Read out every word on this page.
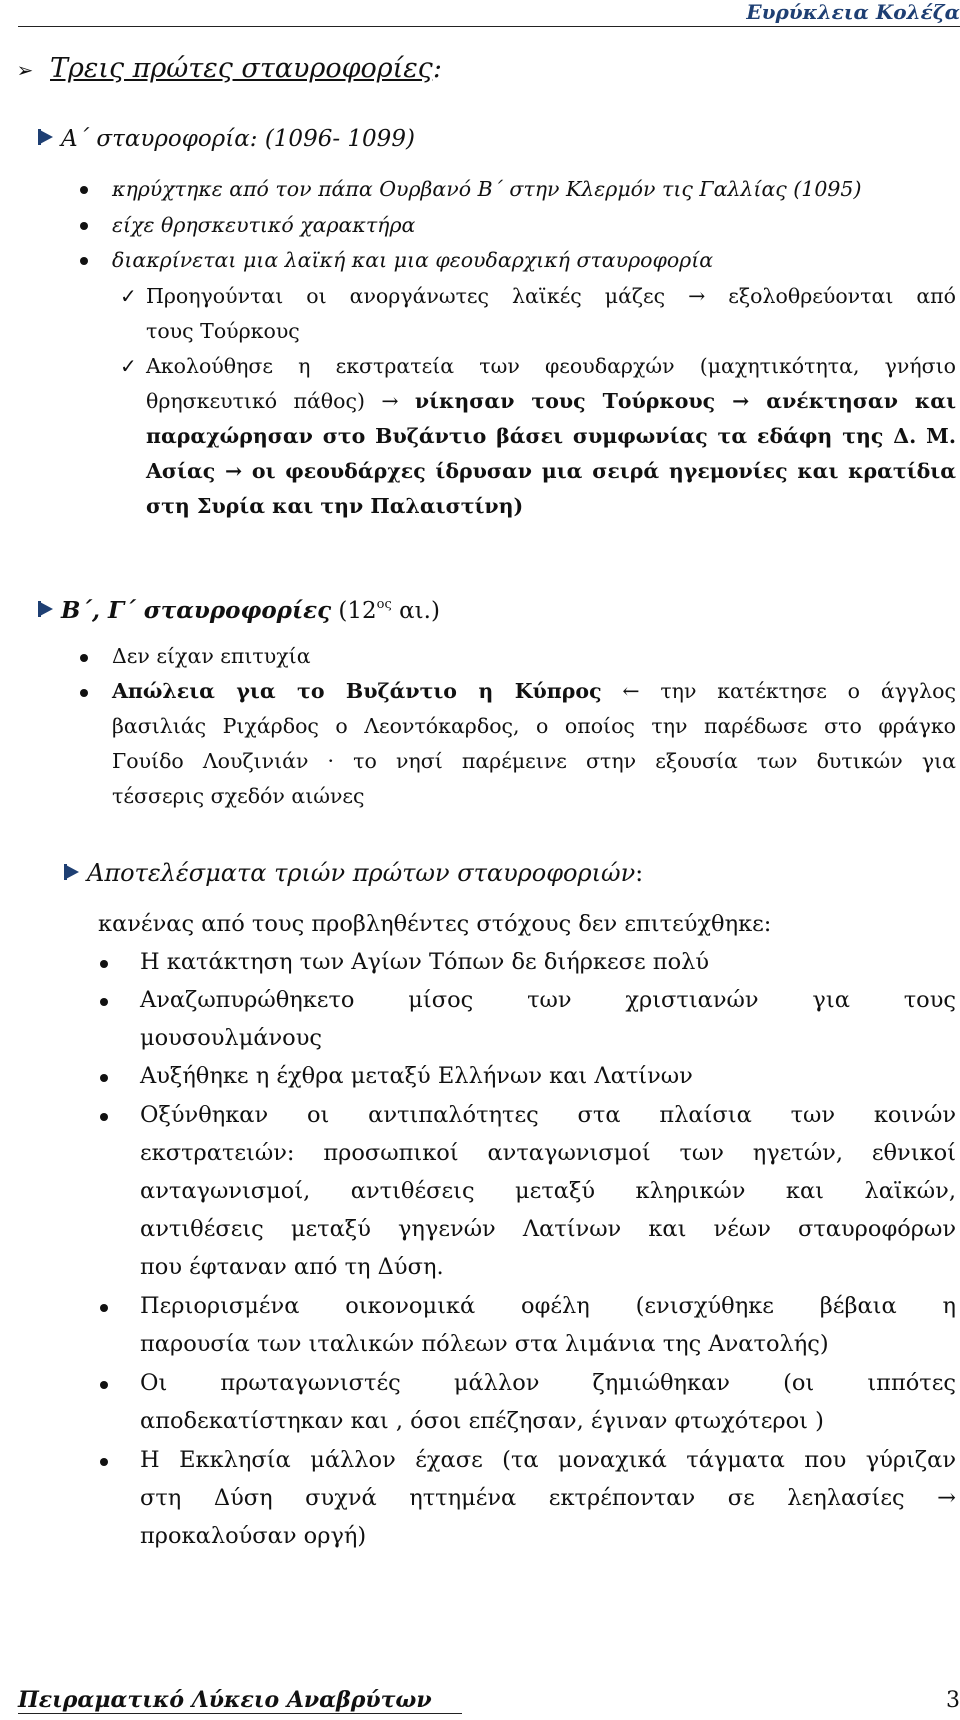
Ευρύκλεια Κολέζα
➢ Τρεις πρώτες σταυροφορίες:
Α΄ σταυροφορία: (1096- 1099)
κηρύχτηκε από τον πάπα Ουρβανό Β΄ στην Κλερμόν τις Γαλλίας (1095)
είχε θρησκευτικό χαρακτήρα
διακρίνεται μια λαϊκή και μια φεουδαρχική σταυροφορία
✓ Προηγούνται οι ανοργάνωτες λαϊκές μάζες → εξολοθρεύονται από
τους Τούρκους
✓ Ακολούθησε η εκστρατεία των φεουδαρχών (μαχητικότητα, γνήσιο
θρησκευτικό πάθος) → νίκησαν τους Τούρκους → ανέκτησαν και
παραχώρησαν στο Βυζάντιο βάσει συμφωνίας τα εδάφη της Δ. Μ.
Ασίας → οι φεουδάρχες ίδρυσαν μια σειρά ηγεμονίες και κρατίδια
στη Συρία και την Παλαιστίνη)
Β΄, Γ΄ σταυροφορίες ($12^{o\varsigma}$ αι.)
Δεν είχαν επιτυχία
Απώλεια για το Βυζάντιο η Κύπρος ← την κατέκτησε ο άγγλος
βασιλιάς Ριχάρδος ο Λεοντόκαρδος, ο οποίος την παρέδωσε στο φράγκο
Γουίδο Λουζινιάν · το νησί παρέμεινε στην εξουσία των δυτικών για
τέσσερις σχεδόν αιώνες
Αποτελέσματα τριών πρώτων σταυροφοριών:
κανένας από τους προβληθέντες στόχους δεν επιτεύχθηκε:
Η κατάκτηση των Αγίων Τόπων δε διήρκεσε πολύ
Αναζωπυρώθηκετο μίσος των χριστιανών για τους
μουσουλμάνους
Αυξήθηκε η έχθρα μεταξύ Ελλήνων και Λατίνων
Οξύνθηκαν οι αντιπαλότητες στα πλαίσια των κοινών
εκστρατειών: προσωπικοί ανταγωνισμοί των ηγετών, εθνικοί
ανταγωνισμοί, αντιθέσεις μεταξύ κληρικών και λαϊκών,
αντιθέσεις μεταξύ γηγενών Λατίνων και νέων σταυροφόρων
που έφταναν από τη Δύση.
Περιορισμένα οικονομικά οφέλη (ενισχύθηκε βέβαια η
παρουσία των ιταλικών πόλεων στα λιμάνια της Ανατολής)
Οι πρωταγωνιστές μάλλον ζημιώθηκαν (οι ιππότες
αποδεκατίστηκαν και , όσοι επέζησαν, έγιναν φτωχότεροι )
Η Εκκλησία μάλλον έχασε (τα μοναχικά τάγματα που γύριζαν
στη Δύση συχνά ηττημένα εκτρέπονταν σε λεηλασίες →
προκαλούσαν οργή)
Πειραματικό Λύκειο Αναβρύτων	3
